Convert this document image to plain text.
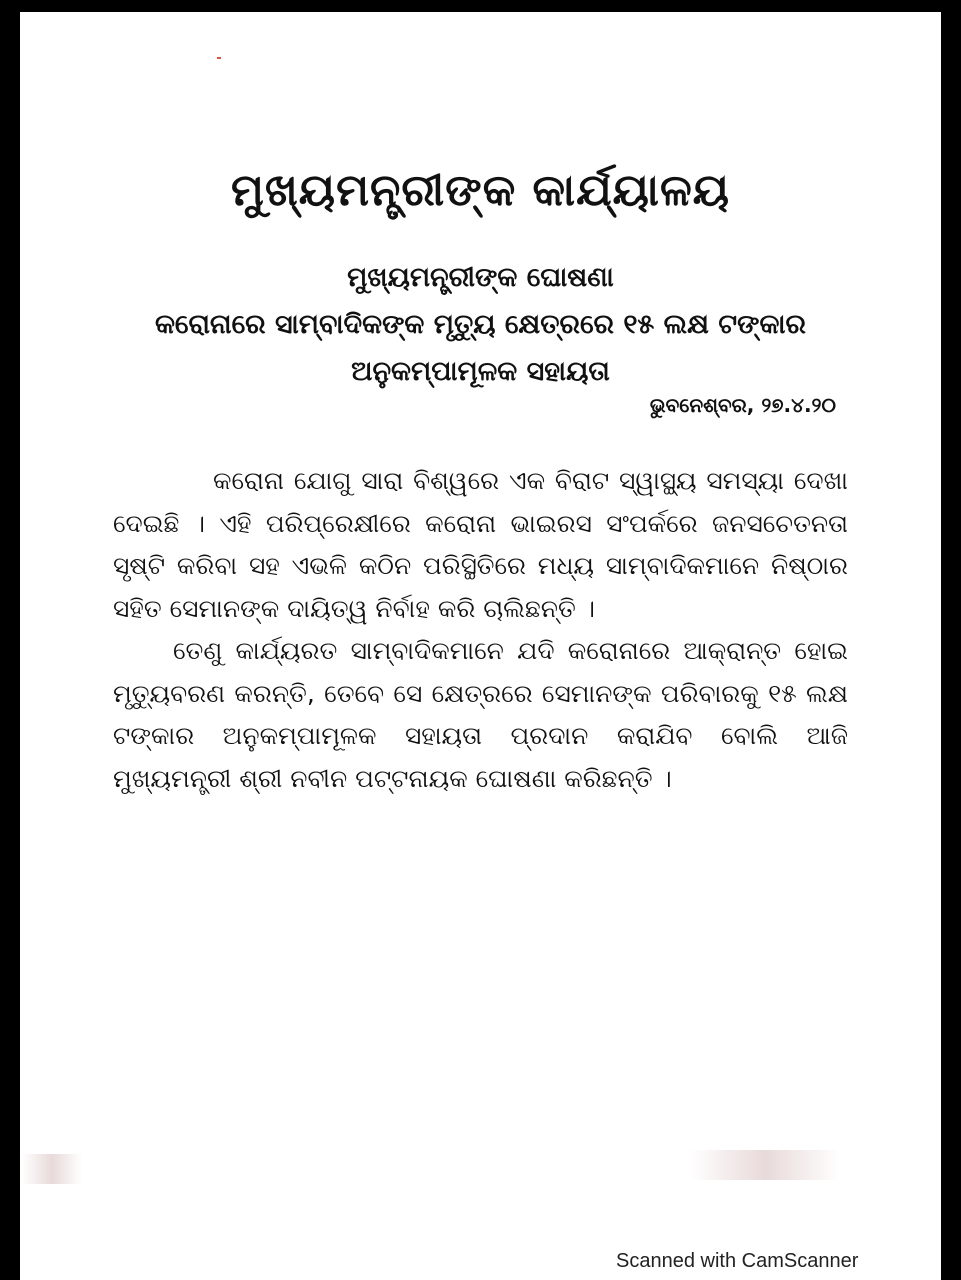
ମୁଖ୍ୟମନ୍ତ୍ରୀଙ୍କ କାର୍ଯ୍ୟାଳୟ
ମୁଖ୍ୟମନ୍ତ୍ରୀଙ୍କ ଘୋଷଣା
କରୋନାରେ ସାମ୍ବାଦିକଙ୍କ ମୃତ୍ୟୁ କ୍ଷେତ୍ରରେ ୧୫ ଲକ୍ଷ ଟଙ୍କାର
ଅନୁକମ୍ପାମୂଳକ ସହାୟତା
ଭୁବନେଶ୍ବର, ୨୭.୪.୨୦

କରୋନା ଯୋଗୁ ସାରା ବିଶ୍ୱରେ ଏକ ବିରାଟ ସ୍ୱାସ୍ଥ୍ୟ ସମସ୍ୟା ଦେଖା ଦେଇଛି । ଏହି ପରିପ୍ରେକ୍ଷୀରେ କରୋନା ଭାଇରସ ସଂପର୍କରେ ଜନସଚେତନତା ସୃଷ୍ଟି କରିବା ସହ ଏଭଳି କଠିନ ପରିସ୍ଥିତିରେ ମଧ୍ୟ ସାମ୍ବାଦିକମାନେ ନିଷ୍ଠାର ସହିତ ସେମାନଙ୍କ ଦାୟିତ୍ୱ ନିର୍ବାହ କରି ଚାଲିଛନ୍ତି ।

ତେଣୁ କାର୍ଯ୍ୟରତ ସାମ୍ବାଦିକମାନେ ଯଦି କରୋନାରେ ଆକ୍ରାନ୍ତ ହୋଇ ମୃତ୍ୟୁବରଣ କରନ୍ତି, ତେବେ ସେ କ୍ଷେତ୍ରରେ ସେମାନଙ୍କ ପରିବାରକୁ ୧୫ ଲକ୍ଷ ଟଙ୍କାର ଅନୁକମ୍ପାମୂଳକ ସହାୟତା ପ୍ରଦାନ କରାଯିବ ବୋଲି ଆଜି ମୁଖ୍ୟମନ୍ତ୍ରୀ ଶ୍ରୀ ନବୀନ ପଟ୍ଟନାୟକ ଘୋଷଣା କରିଛନ୍ତି ।

Scanned with CamScanner
